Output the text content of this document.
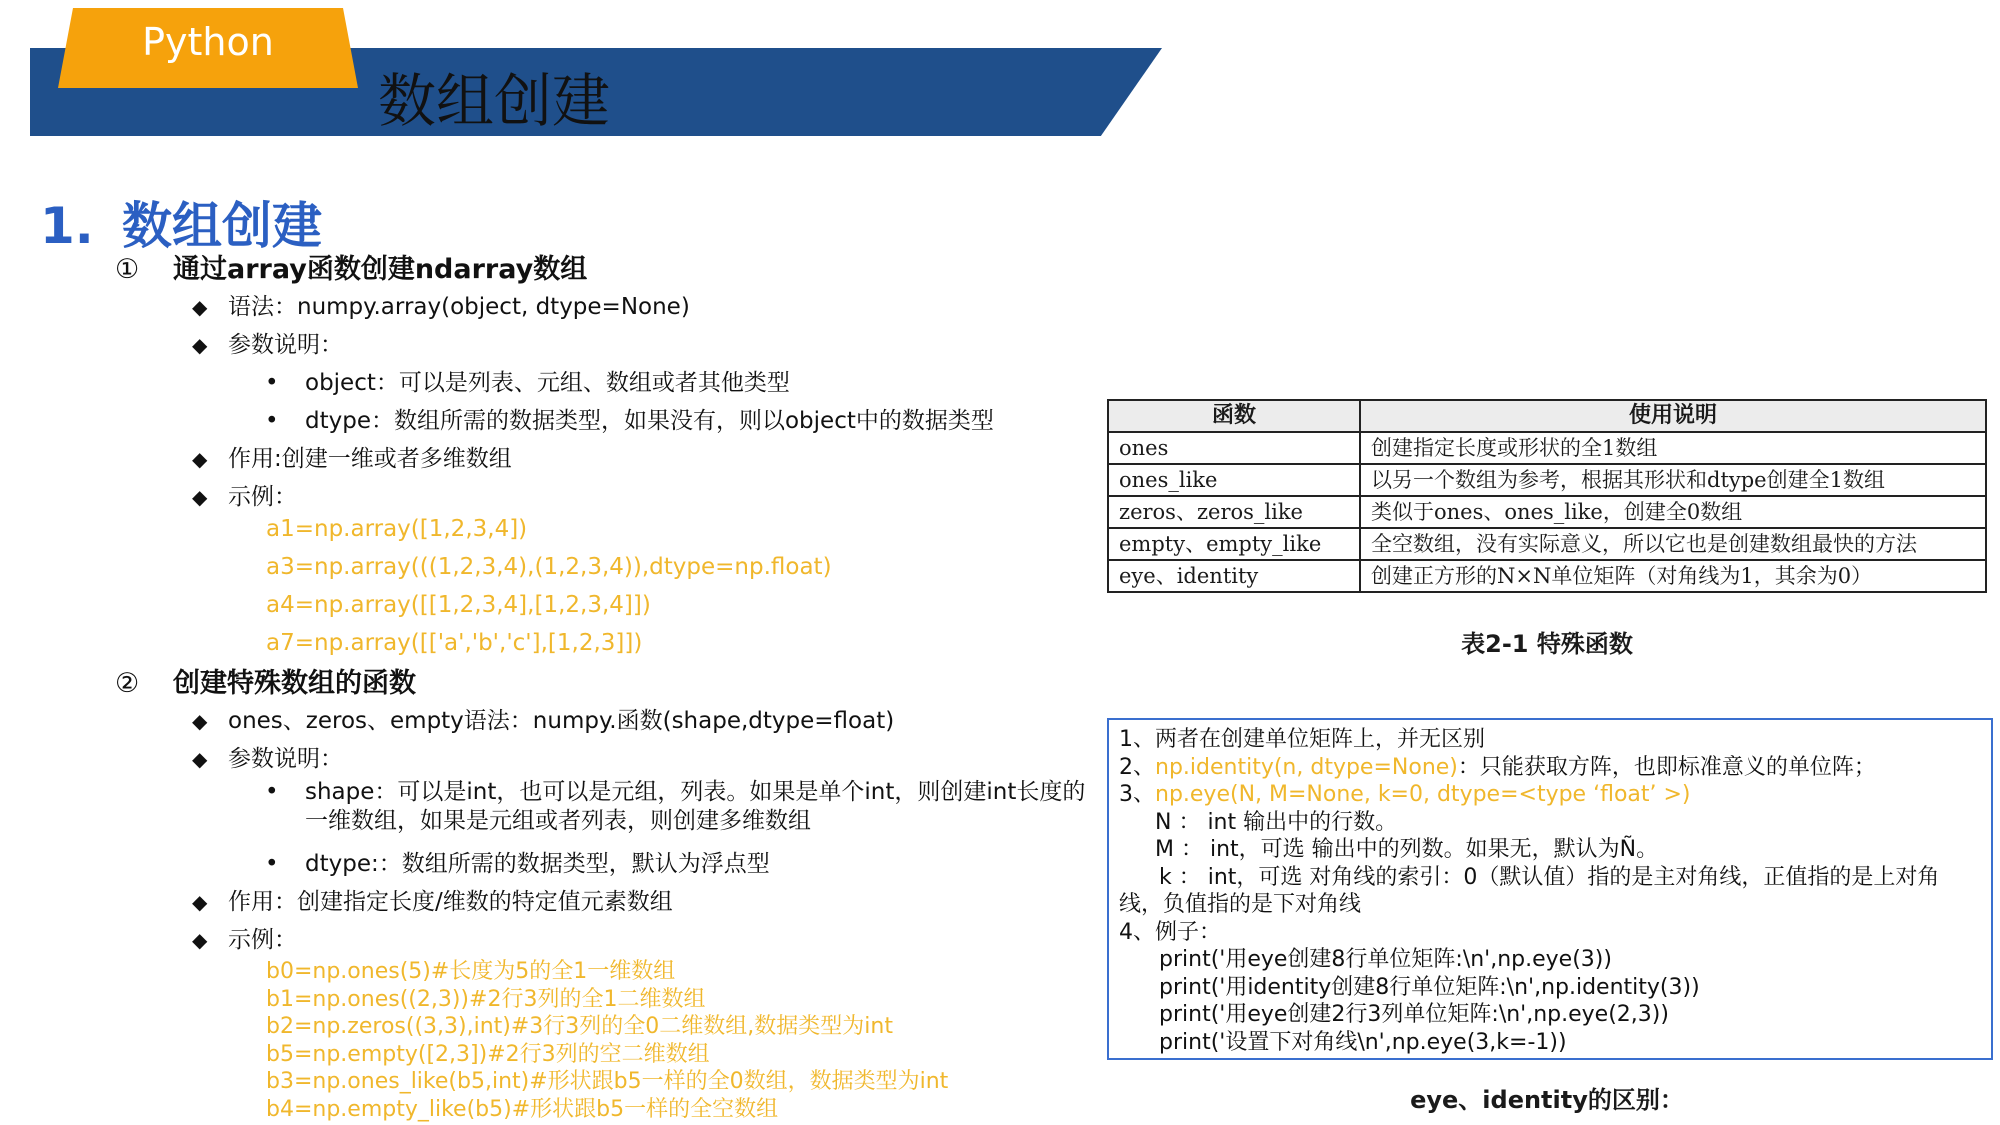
Python
数组创建
1. 数组创建
① 通过array函数创建ndarray数组
◆ 语法：numpy.array(object, dtype=None)
◆ 参数说明：
• object：可以是列表、元组、数组或者其他类型
• dtype：数组所需的数据类型，如果没有，则以object中的数据类型
◆ 作用:创建一维或者多维数组
◆ 示例：
a1=np.array([1,2,3,4])
a3=np.array(((1,2,3,4),(1,2,3,4)),dtype=np.float)
a4=np.array([[1,2,3,4],[1,2,3,4]])
a7=np.array([['a','b','c'],[1,2,3]])
② 创建特殊数组的函数
◆ ones、zeros、empty语法：numpy.函数(shape,dtype=float)
◆ 参数说明：
• shape：可以是int，也可以是元组，列表。如果是单个int，则创建int长度的
一维数组，如果是元组或者列表，则创建多维数组
• dtype:：数组所需的数据类型，默认为浮点型
◆ 作用：创建指定长度/维数的特定值元素数组
◆ 示例：
b0=np.ones(5)#长度为5的全1一维数组
b1=np.ones((2,3))#2行3列的全1二维数组
b2=np.zeros((3,3),int)#3行3列的全0二维数组,数据类型为int
b5=np.empty([2,3])#2行3列的空二维数组
b3=np.ones_like(b5,int)#形状跟b5一样的全0数组，数据类型为int
b4=np.empty_like(b5)#形状跟b5一样的全空数组
函数	使用说明
ones	创建指定长度或形状的全1数组
ones_like	以另一个数组为参考，根据其形状和dtype创建全1数组
zeros、zeros_like	类似于ones、ones_like，创建全0数组
empty、empty_like	全空数组，没有实际意义，所以它也是创建数组最快的方法
eye、identity	创建正方形的N×N单位矩阵（对角线为1，其余为0）
表2-1 特殊函数
1、两者在创建单位矩阵上，并无区别
2、np.identity(n, dtype=None)：只能获取方阵，也即标准意义的单位阵；
3、np.eye(N, M=None, k=0, dtype=<type ‘float’ >)
N ： int 输出中的行数。
M ： int，可选 输出中的列数。如果无，默认为Ñ。
k ： int，可选 对角线的索引：0（默认值）指的是主对角线，正值指的是上对角
线，负值指的是下对角线
4、例子：
print('用eye创建8行单位矩阵:\n',np.eye(3))
print('用identity创建8行单位矩阵:\n',np.identity(3))
print('用eye创建2行3列单位矩阵:\n',np.eye(2,3))
print('设置下对角线\n',np.eye(3,k=-1))
eye、identity的区别：
